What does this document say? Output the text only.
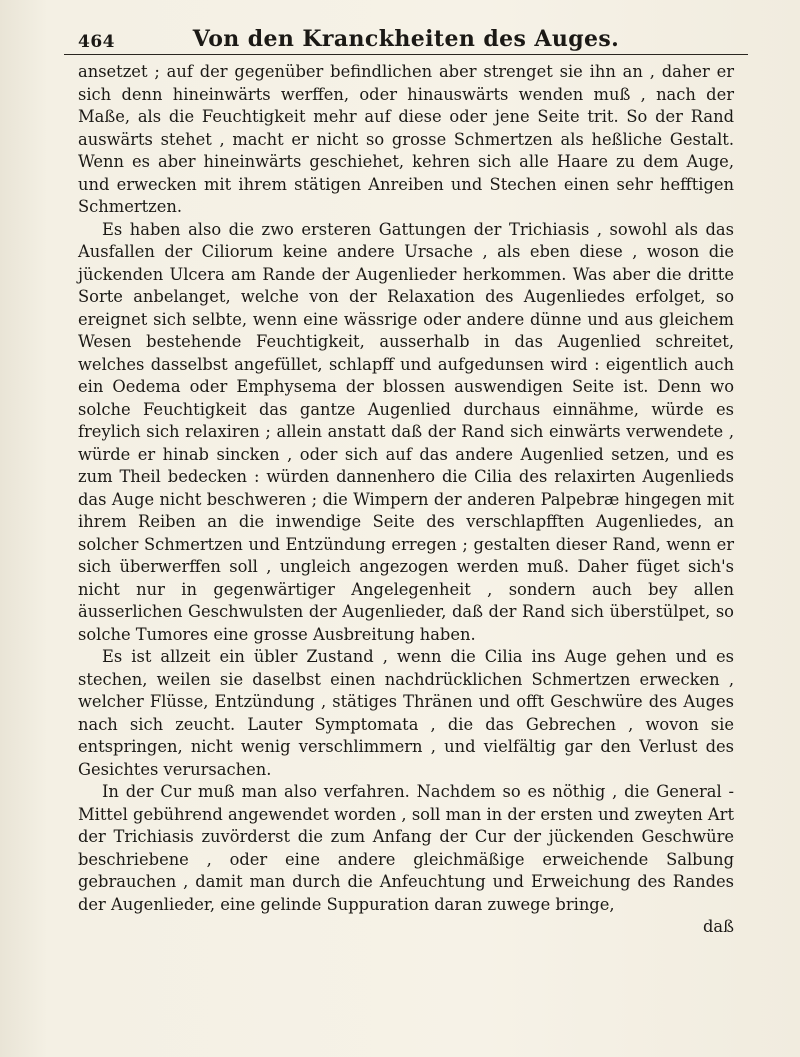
464	Von den Kranckheiten des Auges.

ansetzet ; auf der gegenüber befindlichen aber strenget sie ihn an , daher er sich denn hineinwärts werffen, oder hinauswärts wenden muß , nach der Maße, als die Feuchtigkeit mehr auf diese oder jene Seite trit. So der Rand auswärts stehet , macht er nicht so grosse Schmertzen als heßliche Gestalt. Wenn es aber hineinwärts geschiehet, kehren sich alle Haare zu dem Auge, und erwecken mit ihrem stätigen Anreiben und Stechen einen sehr hefftigen Schmertzen.

Es haben also die zwo ersteren Gattungen der Trichiasis , sowohl als das Ausfallen der Ciliorum keine andere Ursache , als eben diese , woson die jückenden Ulcera am Rande der Augenlieder herkommen. Was aber die dritte Sorte anbelanget, welche von der Relaxation des Augenliedes erfolget, so ereignet sich selbte, wenn eine wässrige oder andere dünne und aus gleichem Wesen bestehende Feuchtigkeit, ausserhalb in das Augenlied schreitet, welches dasselbst angefüllet, schlapff und aufgedunsen wird : eigentlich auch ein Oedema oder Emphysema der blossen auswendigen Seite ist. Denn wo solche Feuchtigkeit das gantze Augenlied durchaus einnähme, würde es freylich sich relaxiren ; allein anstatt daß der Rand sich einwärts verwendete , würde er hinab sincken , oder sich auf das andere Augenlied setzen, und es zum Theil bedecken : würden dannenhero die Cilia des relaxirten Augenlieds das Auge nicht beschweren ; die Wimpern der anderen Palpebræ hingegen mit ihrem Reiben an die inwendige Seite des verschlapfften Augenliedes, an solcher Schmertzen und Entzündung erregen ; gestalten dieser Rand, wenn er sich überwerffen soll , ungleich angezogen werden muß. Daher füget sich's nicht nur in gegenwärtiger Angelegenheit , sondern auch bey allen äusserlichen Geschwulsten der Augenlieder, daß der Rand sich überstülpet, so solche Tumores eine grosse Ausbreitung haben.

Es ist allzeit ein übler Zustand , wenn die Cilia ins Auge gehen und es stechen, weilen sie daselbst einen nachdrücklichen Schmertzen erwecken , welcher Flüsse, Entzündung , stätiges Thränen und offt Geschwüre des Auges nach sich zeucht. Lauter Symptomata , die das Gebrechen , wovon sie entspringen, nicht wenig verschlimmern , und vielfältig gar den Verlust des Gesichtes verursachen.

In der Cur muß man also verfahren. Nachdem so es nöthig , die General - Mittel gebührend angewendet worden , soll man in der ersten und zweyten Art der Trichiasis zuvörderst die zum Anfang der Cur der jückenden Geschwüre beschriebene , oder eine andere gleichmäßige erweichende Salbung gebrauchen , damit man durch die Anfeuchtung und Erweichung des Randes der Augenlieder, eine gelinde Suppuration daran zuwege bringe,

daß
